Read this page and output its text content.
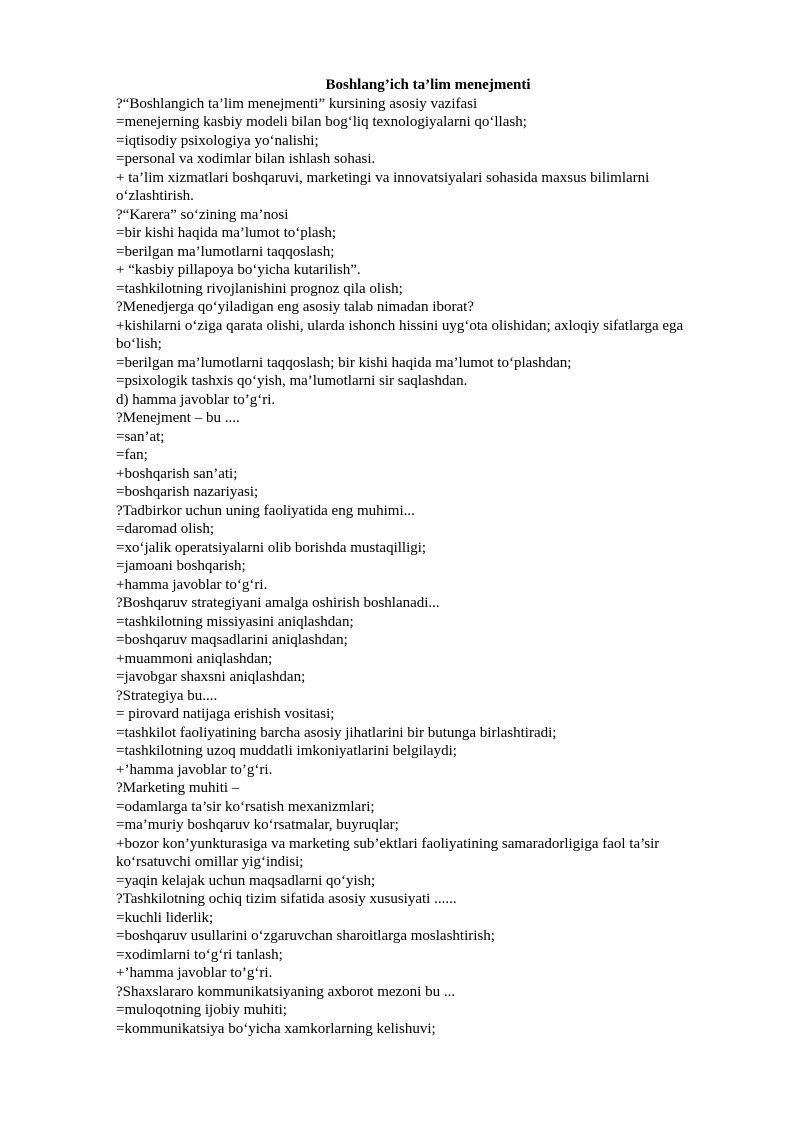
Boshlang’ich ta’lim menejmenti

?“Boshlangich ta’lim menejmenti” kursining asosiy vazifasi

=menejerning kasbiy modeli bilan bog‘liq texnologiyalarni qo‘llash;

=iqtisodiy psixologiya yo‘nalishi;

=personal va xodimlar bilan ishlash sohasi.

+ ta’lim xizmatlari boshqaruvi, marketingi va innovatsiyalari sohasida maxsus bilimlarni

o‘zlashtirish.

?“Karera” so‘zining ma’nosi

=bir kishi haqida ma’lumot to‘plash;

=berilgan ma’lumotlarni taqqoslash;

+ “kasbiy pillapoya bo‘yicha kutarilish”.

=tashkilotning rivojlanishini prognoz qila olish;

?Menedjerga qo‘yiladigan eng asosiy talab nimadan iborat?

+kishilarni o‘ziga qarata olishi, ularda ishonch hissini uyg‘ota olishidan; axloqiy sifatlarga ega

bo‘lish;

=berilgan ma’lumotlarni taqqoslash; bir kishi haqida ma’lumot to‘plashdan;

=psixologik tashxis qo‘yish, ma’lumotlarni sir saqlashdan.

d) hamma javoblar to’g‘ri.

?Menejment – bu ....

=san’at;

=fan;

+boshqarish san’ati;

=boshqarish nazariyasi;

?Tadbirkor uchun uning faoliyatida eng muhimi...

=daromad olish;

=xo‘jalik operatsiyalarni olib borishda mustaqilligi;

=jamoani boshqarish;

+hamma javoblar to‘g‘ri.

?Boshqaruv strategiyani amalga oshirish boshlanadi...

=tashkilotning missiyasini aniqlashdan;

=boshqaruv maqsadlarini aniqlashdan;

+muammoni aniqlashdan;

=javobgar shaxsni aniqlashdan;

?Strategiya bu....

= pirovard natijaga erishish vositasi;

=tashkilot faoliyatining barcha asosiy jihatlarini bir butunga birlashtiradi;

=tashkilotning uzoq muddatli imkoniyatlarini belgilaydi;

+’hamma javoblar to’g‘ri.

?Marketing muhiti –

=odamlarga ta’sir ko‘rsatish mexanizmlari;

=ma’muriy boshqaruv ko‘rsatmalar, buyruqlar;

+bozor kon’yunkturasiga va marketing sub’ektlari faoliyatining samaradorligiga faol ta’sir

ko‘rsatuvchi omillar yig‘indisi;

=yaqin kelajak uchun maqsadlarni qo‘yish;

?Tashkilotning ochiq tizim sifatida asosiy xususiyati ......

=kuchli liderlik;

=boshqaruv usullarini o‘zgaruvchan sharoitlarga moslashtirish;

=xodimlarni to‘g‘ri tanlash;

+’hamma javoblar to’g‘ri.

?Shaxslararo kommunikatsiyaning axborot mezoni bu ...

=muloqotning ijobiy muhiti;

=kommunikatsiya bo‘yicha xamkorlarning kelishuvi;
